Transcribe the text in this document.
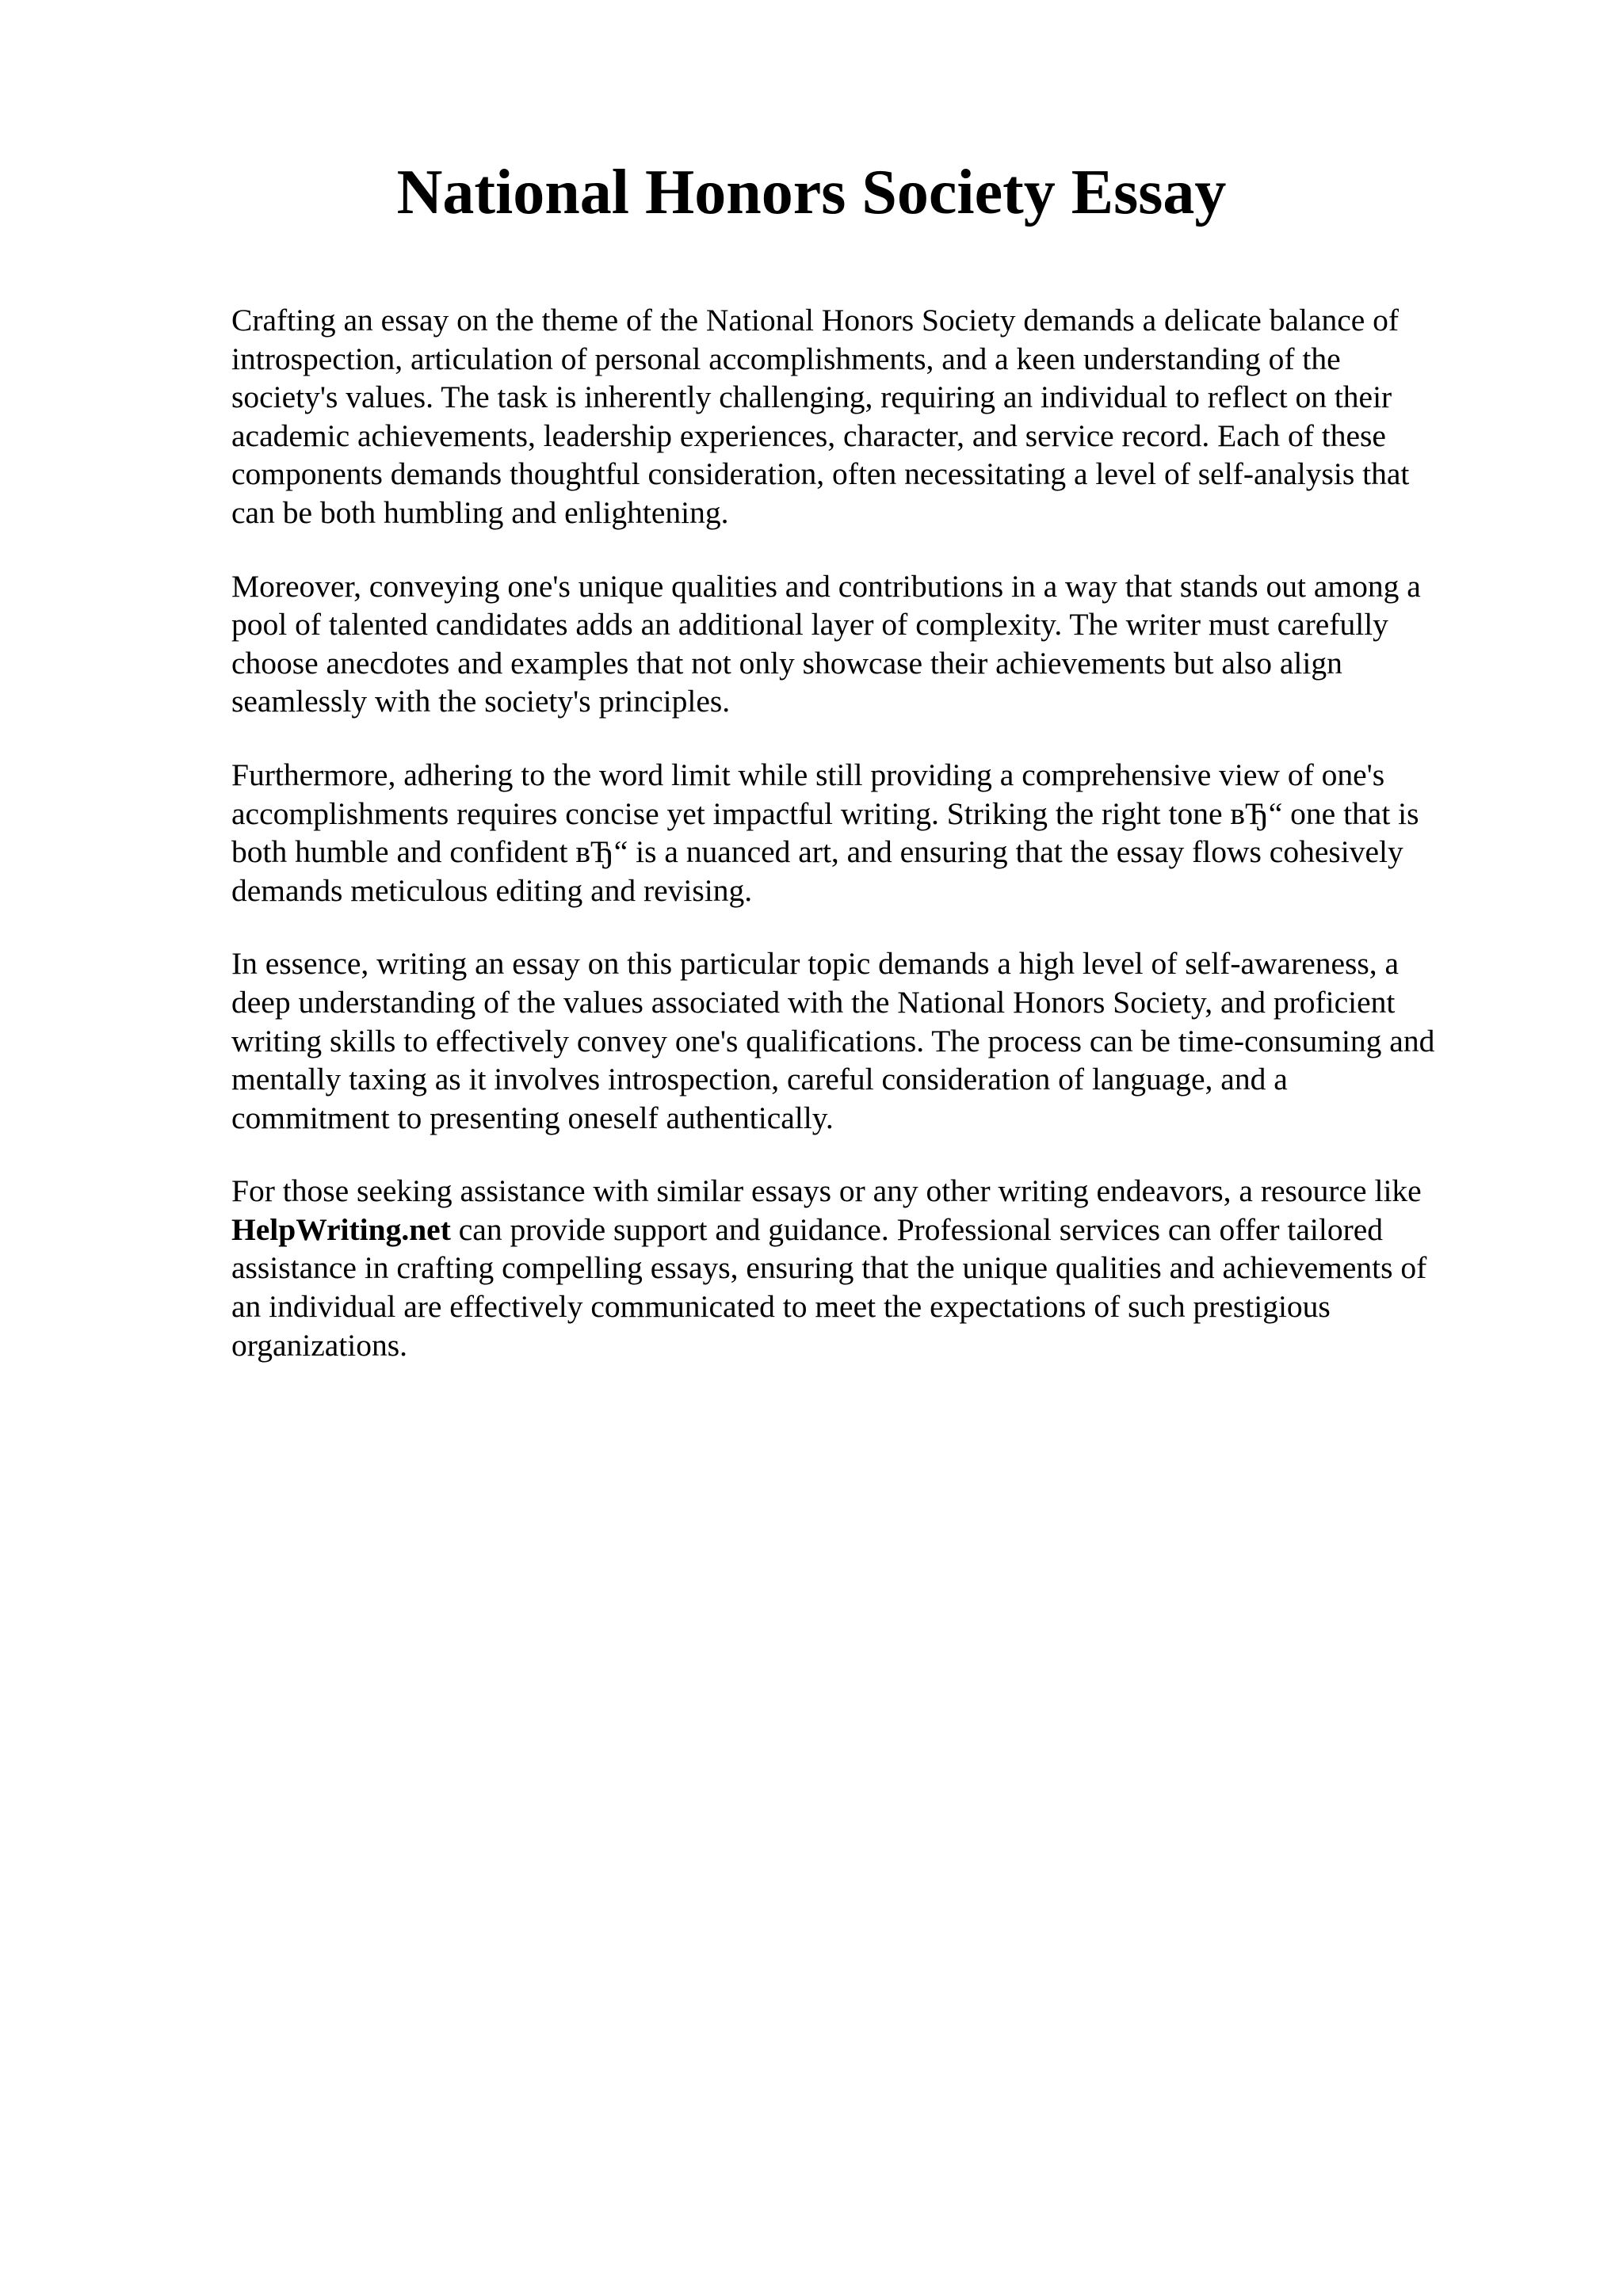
National Honors Society Essay

Crafting an essay on the theme of the National Honors Society demands a delicate balance of
introspection, articulation of personal accomplishments, and a keen understanding of the
society's values. The task is inherently challenging, requiring an individual to reflect on their
academic achievements, leadership experiences, character, and service record. Each of these
components demands thoughtful consideration, often necessitating a level of self-analysis that
can be both humbling and enlightening.

Moreover, conveying one's unique qualities and contributions in a way that stands out among a
pool of talented candidates adds an additional layer of complexity. The writer must carefully
choose anecdotes and examples that not only showcase their achievements but also align
seamlessly with the society's principles.

Furthermore, adhering to the word limit while still providing a comprehensive view of one's
accomplishments requires concise yet impactful writing. Striking the right tone вЂ“ one that is
both humble and confident вЂ“ is a nuanced art, and ensuring that the essay flows cohesively
demands meticulous editing and revising.

In essence, writing an essay on this particular topic demands a high level of self-awareness, a
deep understanding of the values associated with the National Honors Society, and proficient
writing skills to effectively convey one's qualifications. The process can be time-consuming and
mentally taxing as it involves introspection, careful consideration of language, and a
commitment to presenting oneself authentically.

For those seeking assistance with similar essays or any other writing endeavors, a resource like
HelpWriting.net can provide support and guidance. Professional services can offer tailored
assistance in crafting compelling essays, ensuring that the unique qualities and achievements of
an individual are effectively communicated to meet the expectations of such prestigious
organizations.
